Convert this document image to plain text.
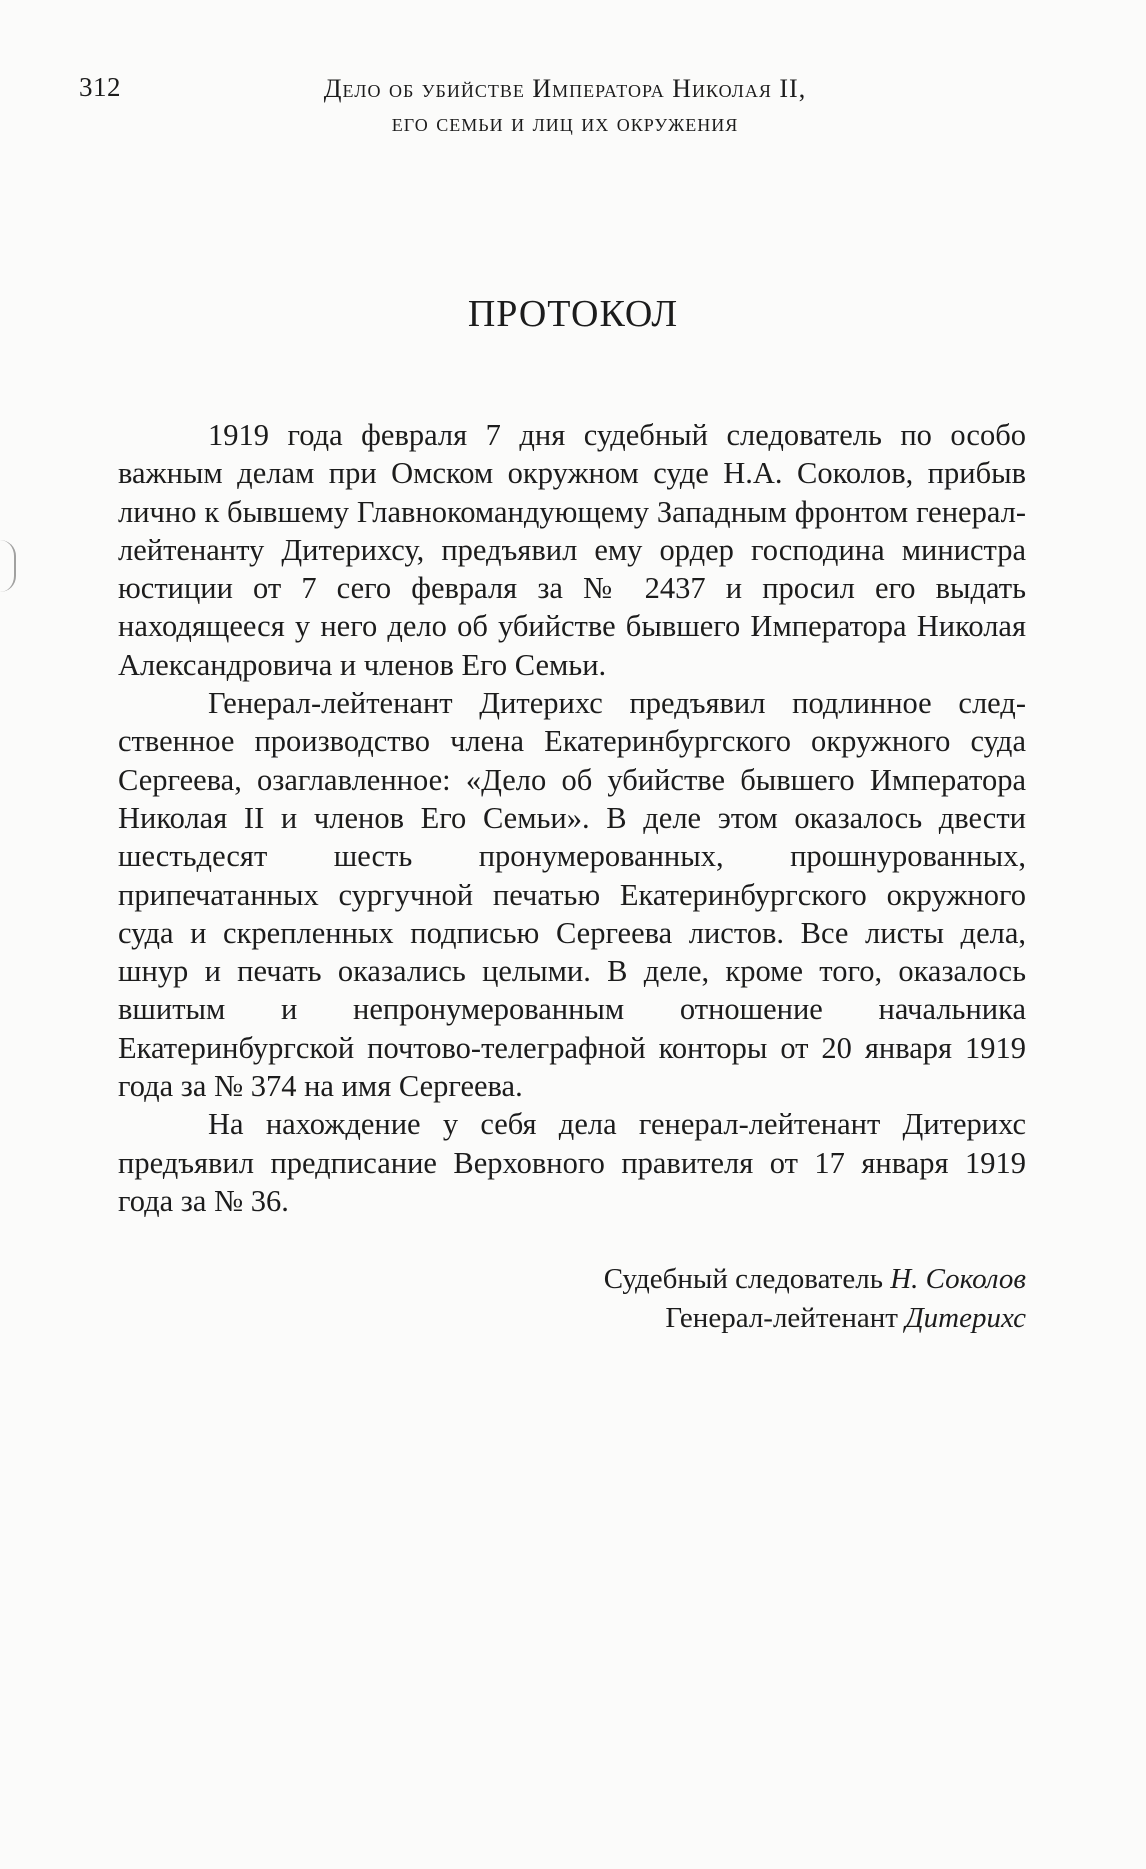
312	Дело об убийстве Императора Николая II,
его семьи и лиц их окружения
ПРОТОКОЛ

1919 года февраля 7 дня судебный следователь по особо важным делам при Омском окружном суде Н.А. Соколов, прибыв лично к бывшему Главнокомандующему Западным фронтом генерал-лейтенанту Дитерихсу, предъявил ему ордер господина министра юстиции от 7 сего февраля за № 2437 и просил его выдать находящееся у него дело об убийстве бывшего Императора Николая Александровича и членов Его Семьи.

Генерал-лейтенант Дитерихс предъявил подлинное следственное производство члена Екатеринбургского окружного суда Сергеева, озаглавленное: «Дело об убийстве бывшего Императора Николая II и членов Его Семьи». В деле этом оказалось двести шестьдесят шесть пронумерованных, прошнурованных, припечатанных сургучной печатью Екатеринбургского окружного суда и скрепленных подписью Сергеева листов. Все листы дела, шнур и печать оказались целыми. В деле, кроме того, оказалось вшитым и непронумерованным отношение начальника Екатеринбургской почтово-телеграфной конторы от 20 января 1919 года за № 374 на имя Сергеева.

На нахождение у себя дела генерал-лейтенант Дитерихс предъявил предписание Верховного правителя от 17 января 1919 года за № 36.

Судебный следователь Н. Соколов
Генерал-лейтенант Дитерихс
